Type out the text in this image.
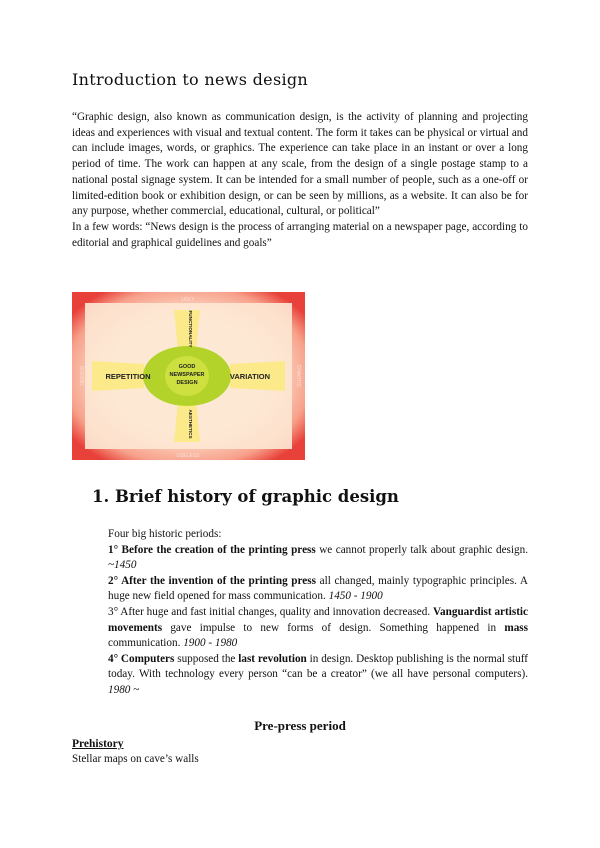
Introduction to news design

“Graphic design, also known as communication design, is the activity of planning and projecting ideas and experiences with visual and textual content. The form it takes can be physical or virtual and can include images, words, or graphics. The experience can take place in an instant or over a long period of time. The work can happen at any scale, from the design of a single postage stamp to a national postal signage system. It can be intended for a small number of people, such as a one-off or limited-edition book or exhibition design, or can be seen by millions, as a website. It can also be for any purpose, whether commercial, educational, cultural, or political”

In a few words: “News design is the process of arranging material on a newspaper page, according to editorial and graphical guidelines and goals”

GOOD
NEWSPAPER
DESIGN
REPETITION	VARIATION
FUNCTIONALITY
AESTHETICS
UGLY
USELESS
BORING	CHAOTIC
1. Brief history of graphic design

Four big historic periods:

1° Before the creation of the printing press we cannot properly talk about graphic design. ~1450

2° After the invention of the printing press all changed, mainly typographic principles. A huge new field opened for mass communication. 1450 - 1900

3° After huge and fast initial changes, quality and innovation decreased. Vanguardist artistic movements gave impulse to new forms of design. Something happened in mass communication. 1900 - 1980

4° Computers supposed the last revolution in design. Desktop publishing is the normal stuff today. With technology every person “can be a creator” (we all have personal computers). 1980 ~

Pre-press period
Prehistory

Stellar maps on cave’s walls
